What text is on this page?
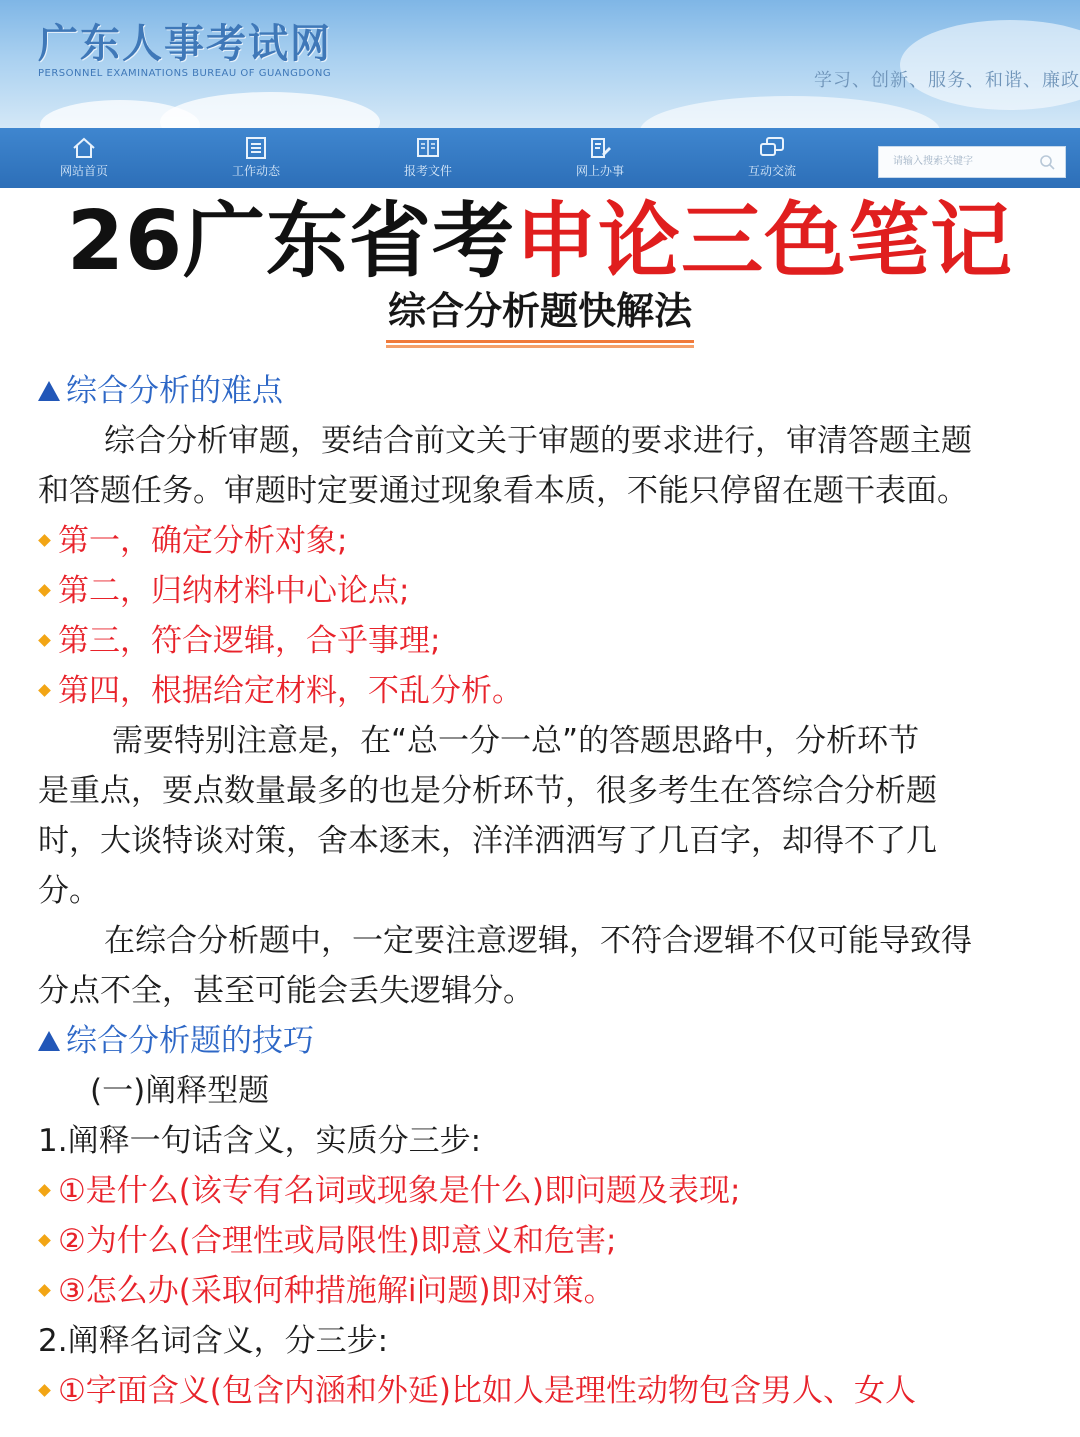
广东人事考试网
PERSONNEL EXAMINATIONS BUREAU OF GUANGDONG	学习、创新、服务、和谐、廉政
网站首页	工作动态	报考文件	网上办事	互动交流
请输入搜索关键字
26广东省考申论三色笔记
综合分析题快解法
综合分析的难点
综合分析审题，要结合前文关于审题的要求进行，审清答题主题
和答题任务。审题时定要通过现象看本质，不能只停留在题干表面。
第一，确定分析对象;
第二，归纳材料中心论点;
第三，符合逻辑，合乎事理;
第四，根据给定材料，不乱分析。
需要特别注意是，在“总一分一总”的答题思路中，分析环节
是重点，要点数量最多的也是分析环节，很多考生在答综合分析题
时，大谈特谈对策，舍本逐末，洋洋洒洒写了几百字，却得不了几
分。
在综合分析题中，一定要注意逻辑，不符合逻辑不仅可能导致得
分点不全，甚至可能会丢失逻辑分。
综合分析题的技巧
(一)阐释型题
1.阐释一句话含义，实质分三步:
①是什么(该专有名词或现象是什么)即问题及表现;
②为什么(合理性或局限性)即意义和危害;
③怎么办(采取何种措施解i问题)即对策。
2.阐释名词含义，分三步:
①字面含义(包含内涵和外延)比如人是理性动物包含男人、女人
